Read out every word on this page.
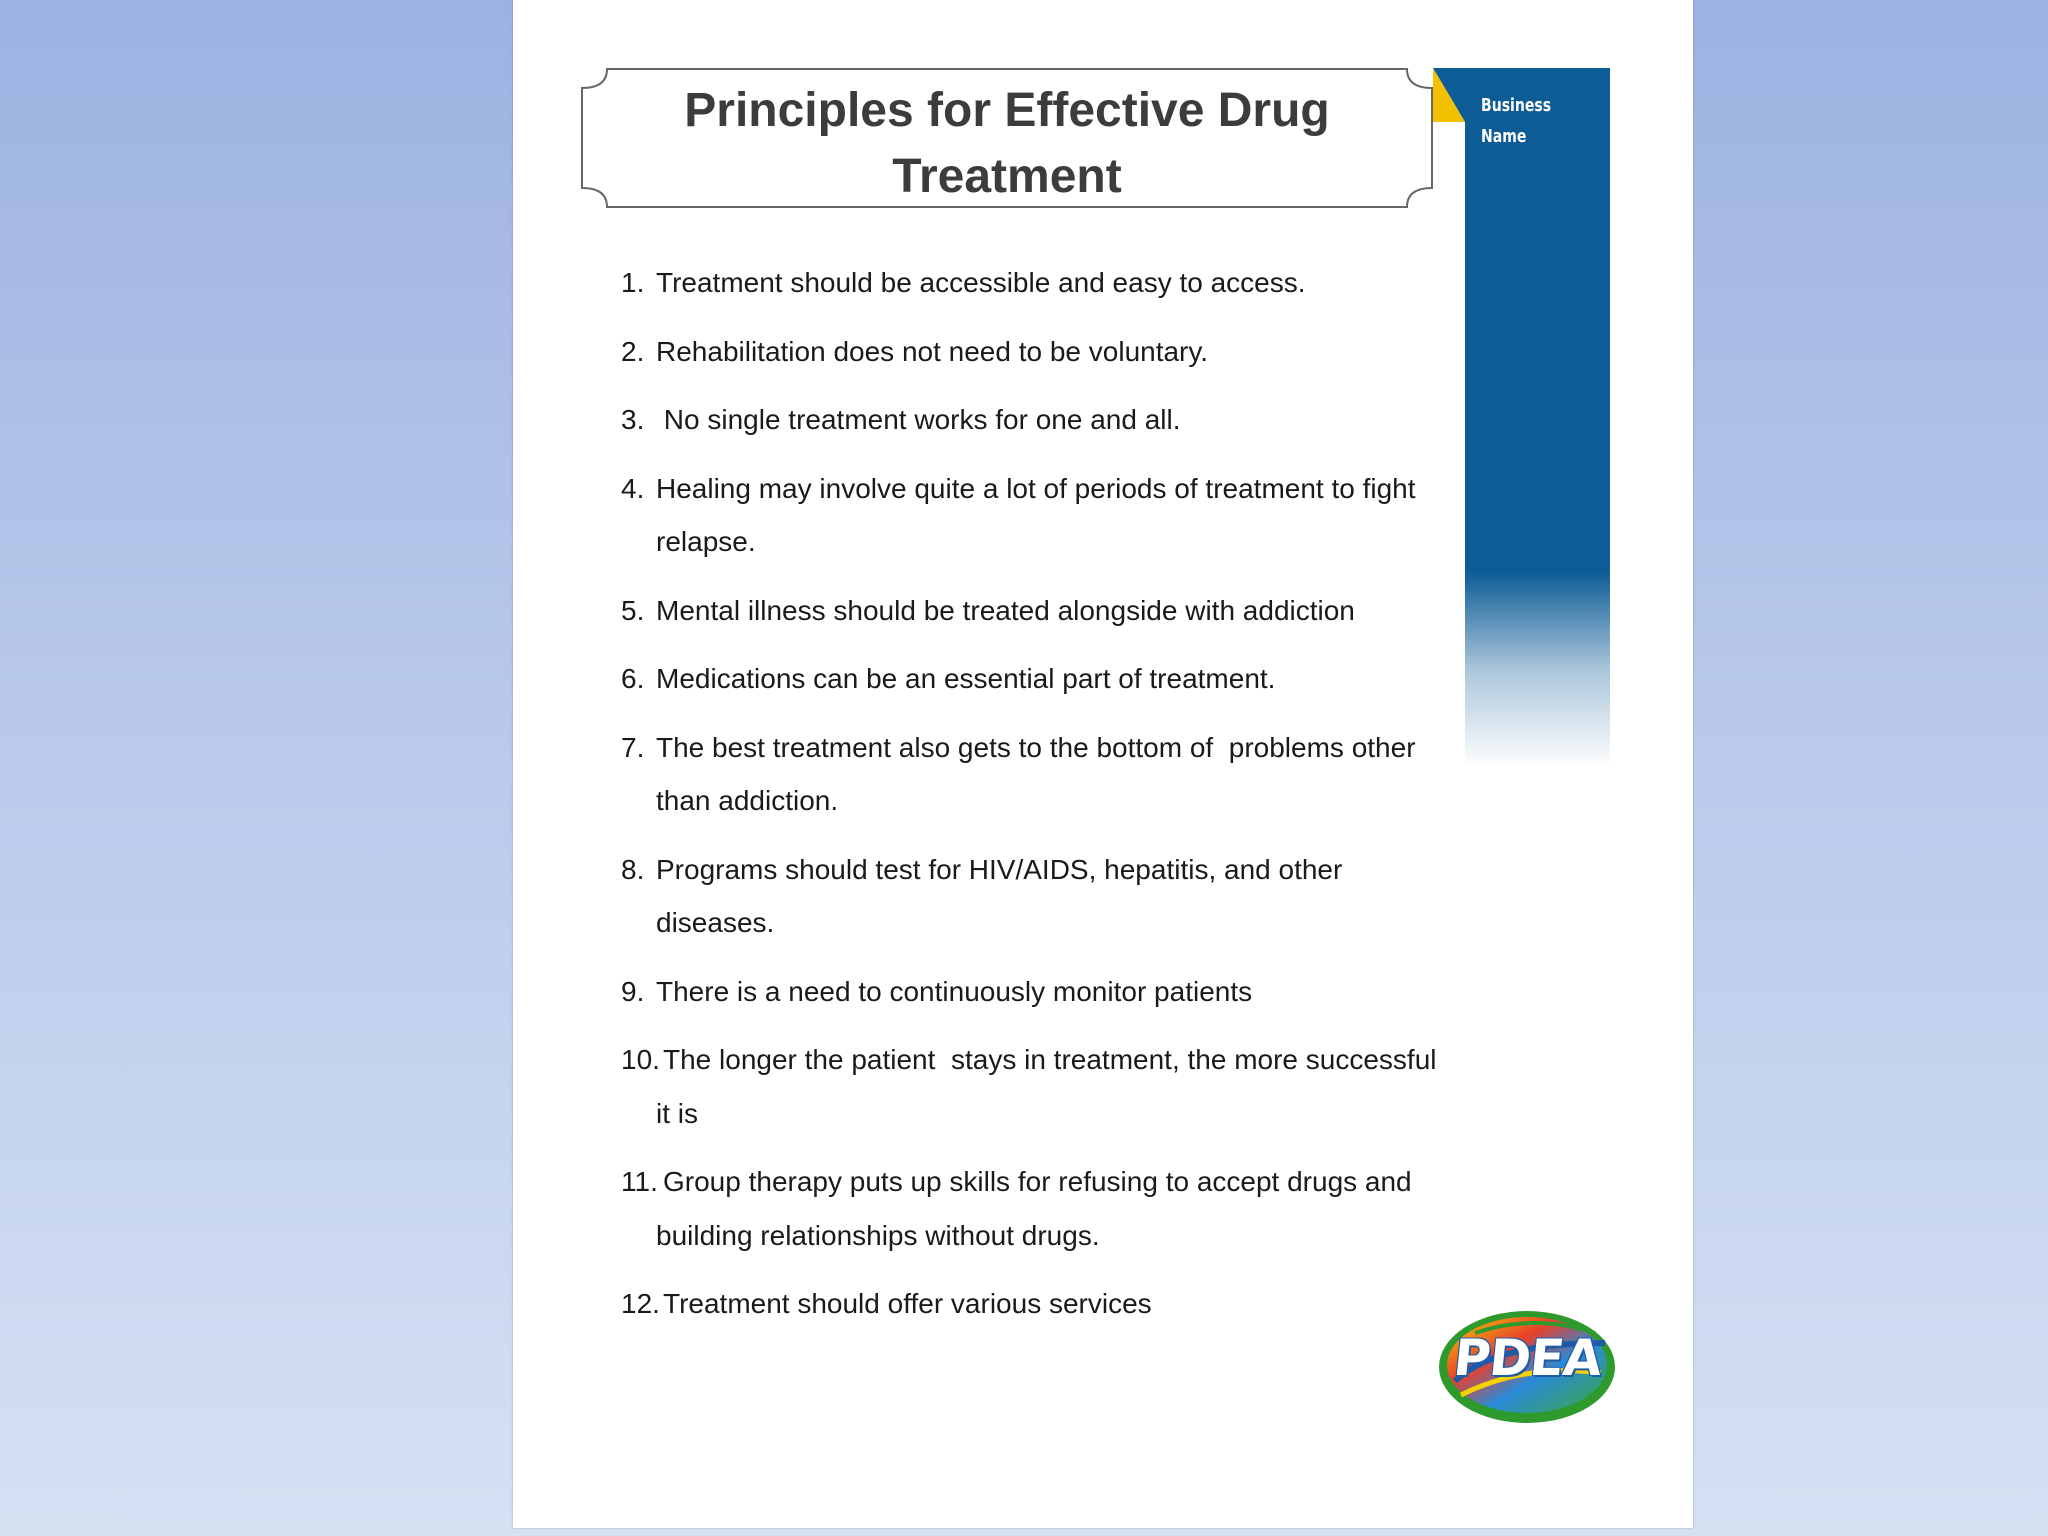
Principles for Effective Drug Treatment
Business Name
1. Treatment should be accessible and easy to access.
2. Rehabilitation does not need to be voluntary.
3. No single treatment works for one and all.
4. Healing may involve quite a lot of periods of treatment to fight relapse.
5. Mental illness should be treated alongside with addiction
6. Medications can be an essential part of treatment.
7. The best treatment also gets to the bottom of  problems other than addiction.
8. Programs should test for HIV/AIDS, hepatitis, and other diseases.
9. There is a need to continuously monitor patients
10. The longer the patient  stays in treatment, the more successful it is
11. Group therapy puts up skills for refusing to accept drugs and building relationships without drugs.
12. Treatment should offer various services
PDEA
